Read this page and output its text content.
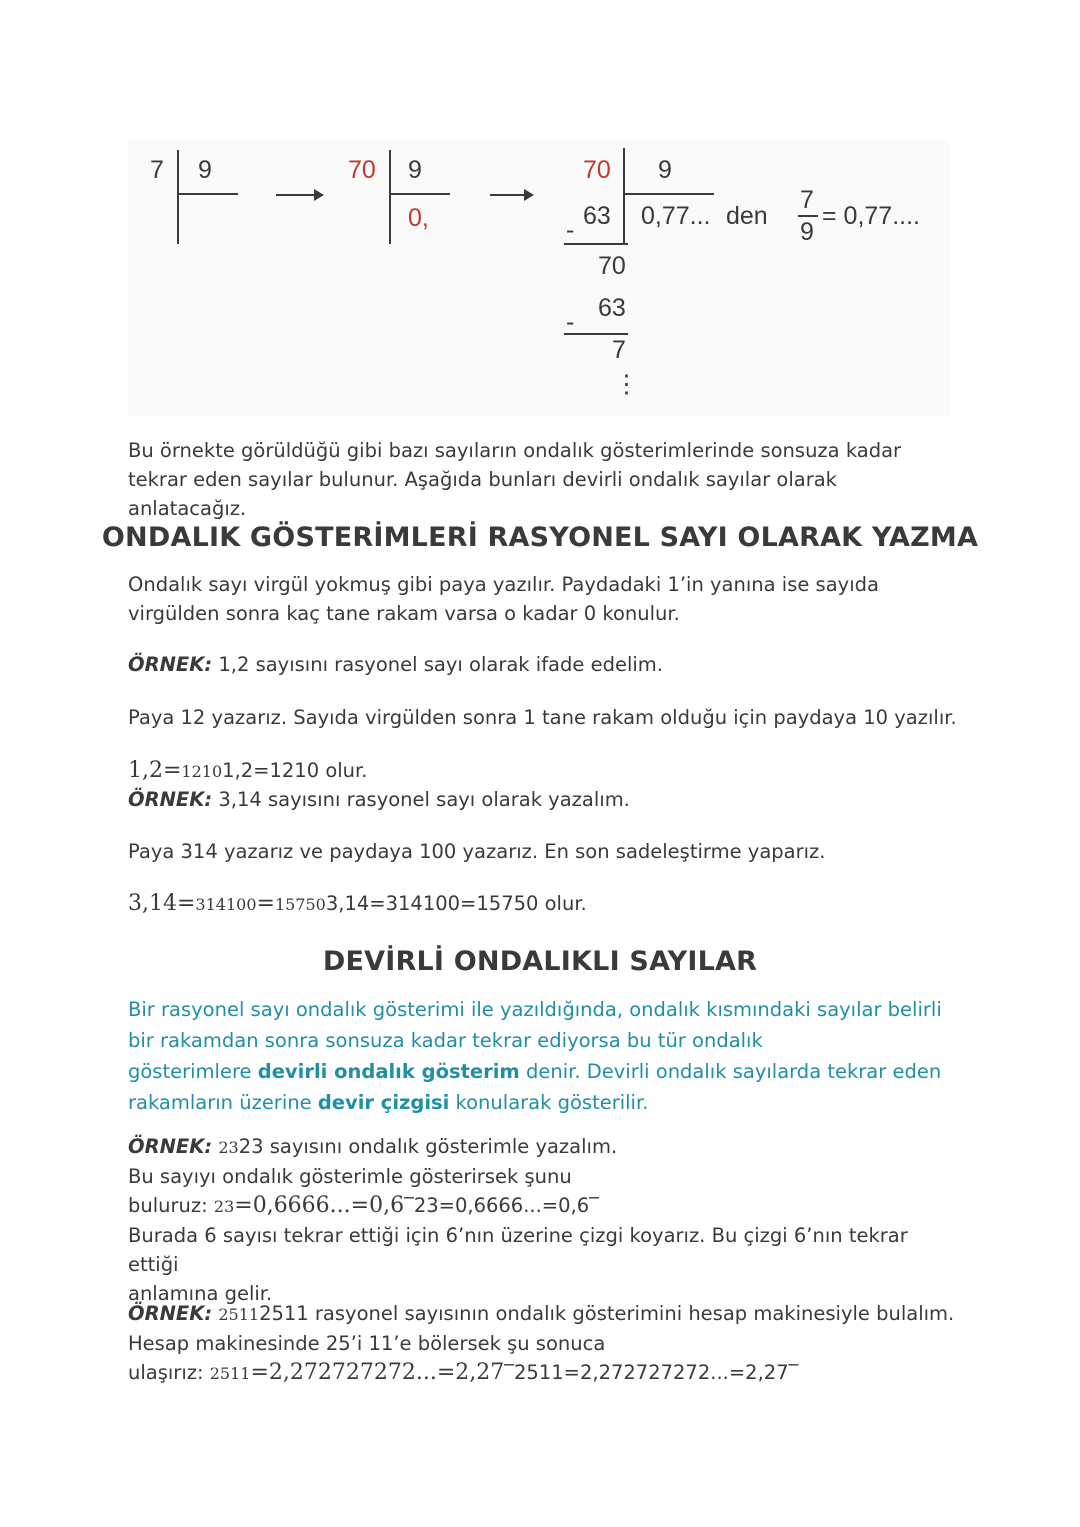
7 9	70 9
0,
70 9
63
-	0,77... den
7
9
= 0,77....
70
63
-
7
⋮
Bu örnekte görüldüğü gibi bazı sayıların ondalık gösterimlerinde sonsuza kadar
tekrar eden sayılar bulunur. Aşağıda bunları devirli ondalık sayılar olarak anlatacağız.
ONDALIK GÖSTERİMLERİ RASYONEL SAYI OLARAK YAZMA
Ondalık sayı virgül yokmuş gibi paya yazılır. Paydadaki 1’in yanına ise sayıda
virgülden sonra kaç tane rakam varsa o kadar 0 konulur.
ÖRNEK: 1,2 sayısını rasyonel sayı olarak ifade edelim.
Paya 12 yazarız. Sayıda virgülden sonra 1 tane rakam olduğu için paydaya 10 yazılır.
1,2=12101,2=1210 olur.
ÖRNEK: 3,14 sayısını rasyonel sayı olarak yazalım.
Paya 314 yazarız ve paydaya 100 yazarız. En son sadeleştirme yaparız.
3,14=314100=157503,14=314100=15750 olur.
DEVİRLİ ONDALIKLI SAYILAR
Bir rasyonel sayı ondalık gösterimi ile yazıldığında, ondalık kısmındaki sayılar belirli
bir rakamdan sonra sonsuza kadar tekrar ediyorsa bu tür ondalık
gösterimlere devirli ondalık gösterim denir. Devirli ondalık sayılarda tekrar eden
rakamların üzerine devir çizgisi konularak gösterilir.
ÖRNEK: 2323 sayısını ondalık gösterimle yazalım.
Bu sayıyı ondalık gösterimle gösterirsek şunu
buluruz: 23=0,6666...=0,6‾23=0,6666...=0,6‾
Burada 6 sayısı tekrar ettiği için 6’nın üzerine çizgi koyarız. Bu çizgi 6’nın tekrar ettiği
anlamına gelir.
ÖRNEK: 25112511 rasyonel sayısının ondalık gösterimini hesap makinesiyle bulalım.
Hesap makinesinde 25’i 11’e bölersek şu sonuca
ulaşırız: 2511=2,272727272...=2,27‾2511=2,272727272...=2,27‾
